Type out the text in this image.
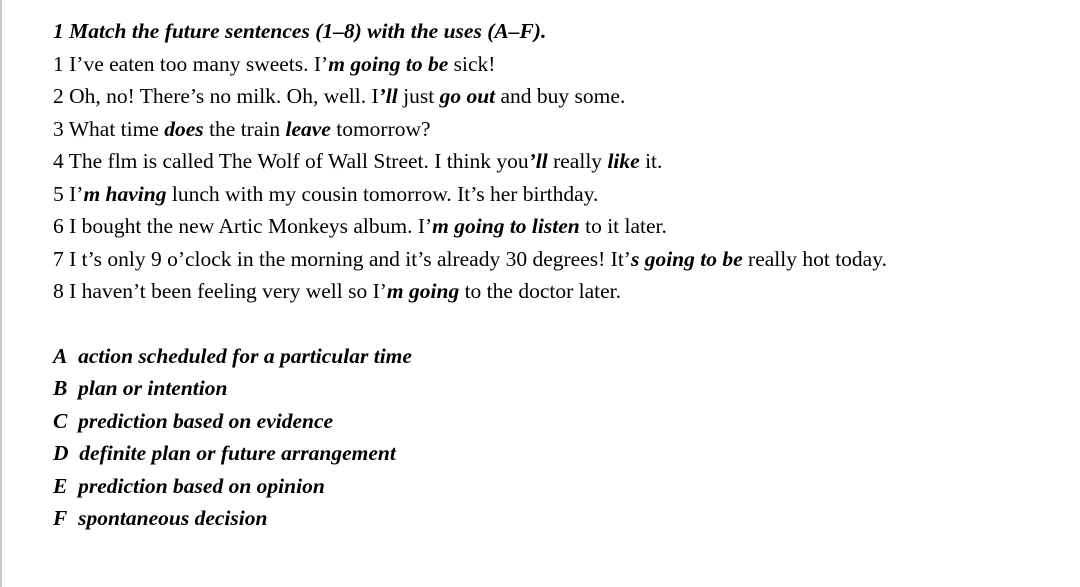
1 Match the future sentences (1–8) with the uses (A–F).

1 I’ve eaten too many sweets. I’m going to be sick!

2 Oh, no! There’s no milk. Oh, well. I’ll just go out and buy some.

3 What time does the train leave tomorrow?

4 The flm is called The Wolf of Wall Street. I think you’ll really like it.

5 I’m having lunch with my cousin tomorrow. It’s her birthday.

6 I bought the new Artic Monkeys album. I’m going to listen to it later.

7 I t’s only 9 o’clock in the morning and it’s already 30 degrees! It’s going to be really hot today.

8 I haven’t been feeling very well so I’m going to the doctor later.

A action scheduled for a particular time

B plan or intention

C prediction based on evidence

D definite plan or future arrangement

E prediction based on opinion

F spontaneous decision
